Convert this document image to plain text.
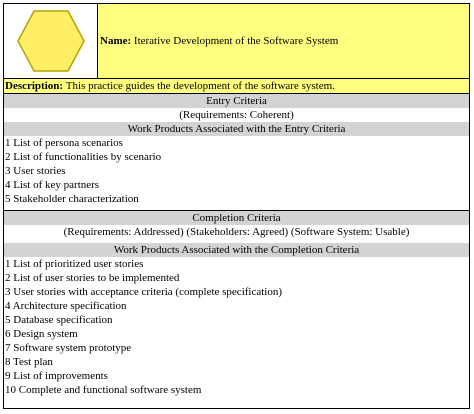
Name:
Iterative Development of the Software System
Description: This practice guides the development of the software system.
Entry Criteria
(Requirements: Coherent)
Work Products Associated with the Entry Criteria
1 List of persona scenarios
2 List of functionalities by scenario
3 User stories
4 List of key partners
5 Stakeholder characterization
Completion Criteria
(Requirements: Addressed) (Stakeholders: Agreed) (Software System: Usable)
Work Products Associated with the Completion Criteria
1 List of prioritized user stories
2 List of user stories to be implemented
3 User stories with acceptance criteria (complete specification)
4 Architecture specification
5 Database specification
6 Design system
7 Software system prototype
8 Test plan
9 List of improvements
10 Complete and functional software system
